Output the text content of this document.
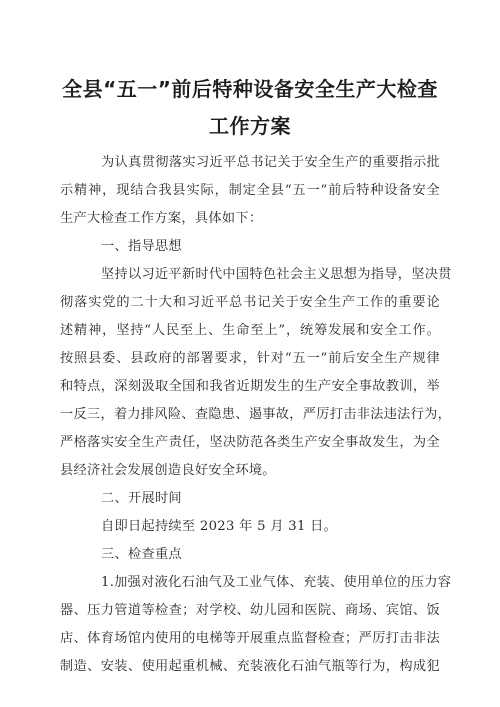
全县“五一”前后特种设备安全生产大检查
工作方案
为认真贯彻落实习近平总书记关于安全生产的重要指示批
示精神，现结合我县实际，制定全县“五一”前后特种设备安全
生产大检查工作方案，具体如下：
一、指导思想
坚持以习近平新时代中国特色社会主义思想为指导，坚决贯
彻落实党的二十大和习近平总书记关于安全生产工作的重要论
述精神，坚持“人民至上、生命至上”，统筹发展和安全工作。
按照县委、县政府的部署要求，针对“五一”前后安全生产规律
和特点，深刻汲取全国和我省近期发生的生产安全事故教训，举
一反三，着力排风险、查隐患、遏事故，严厉打击非法违法行为，
严格落实安全生产责任，坚决防范各类生产安全事故发生，为全
县经济社会发展创造良好安全环境。
二、开展时间
自即日起持续至 2023 年 5 月 31 日。
三、检查重点
1.加强对液化石油气及工业气体、充装、使用单位的压力容
器、压力管道等检查；对学校、幼儿园和医院、商场、宾馆、饭
店、体育场馆内使用的电梯等开展重点监督检查；严厉打击非法
制造、安装、使用起重机械、充装液化石油气瓶等行为，构成犯
